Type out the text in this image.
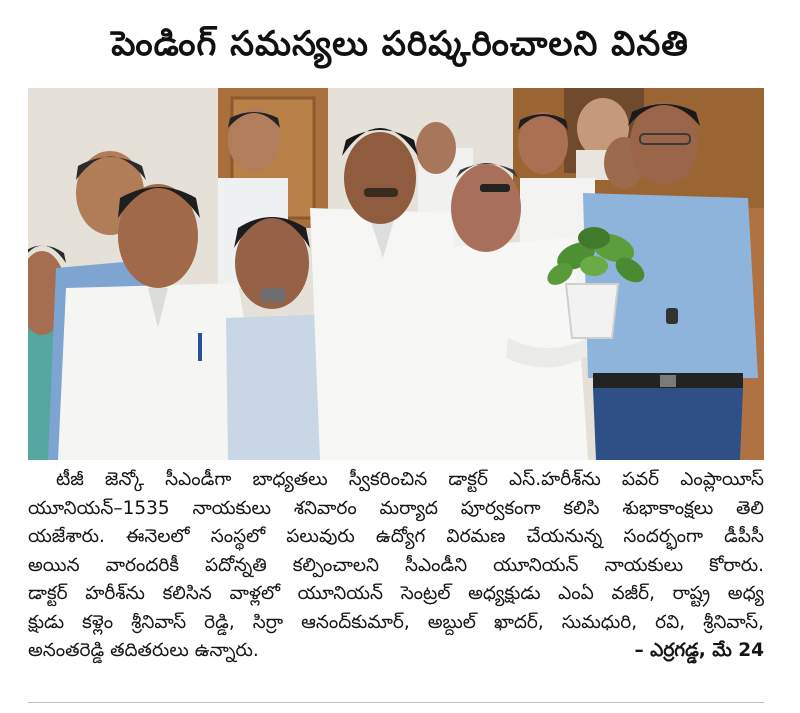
పెండింగ్ సమస్యలు పరిష్కరించాలని వినతి
టీజీ జెన్కో సీఎండీగా బాధ్యతలు స్వీకరించిన డాక్టర్ ఎస్.హరీశ్‌ను పవర్ ఎంప్లాయీస్
యూనియన్–1535 నాయకులు శనివారం మర్యాద పూర్వకంగా కలిసి శుభాకాంక్షలు తెలి
యజేశారు. ఈనెలలో సంస్థలో పలువురు ఉద్యోగ విరమణ చేయనున్న సందర్భంగా డీపీసీ
అయిన వారందరికీ పదోన్నతి కల్పించాలని సీఎండీని యూనియన్ నాయకులు కోరారు.
డాక్టర్ హరీశ్‌ను కలిసిన వాళ్లలో యూనియన్ సెంట్రల్ అధ్యక్షుడు ఎంఏ వజీర్, రాష్ట్ర అధ్య
క్షుడు కళ్లెం శ్రీనివాస్ రెడ్డి, సిర్రా ఆనంద్‌కుమార్, అబ్దుల్ ఖాదర్, సుమధురి, రవి, శ్రీనివాస్,
అనంతరెడ్డి తదితరులు ఉన్నారు.	– ఎర్రగడ్డ, మే 24
